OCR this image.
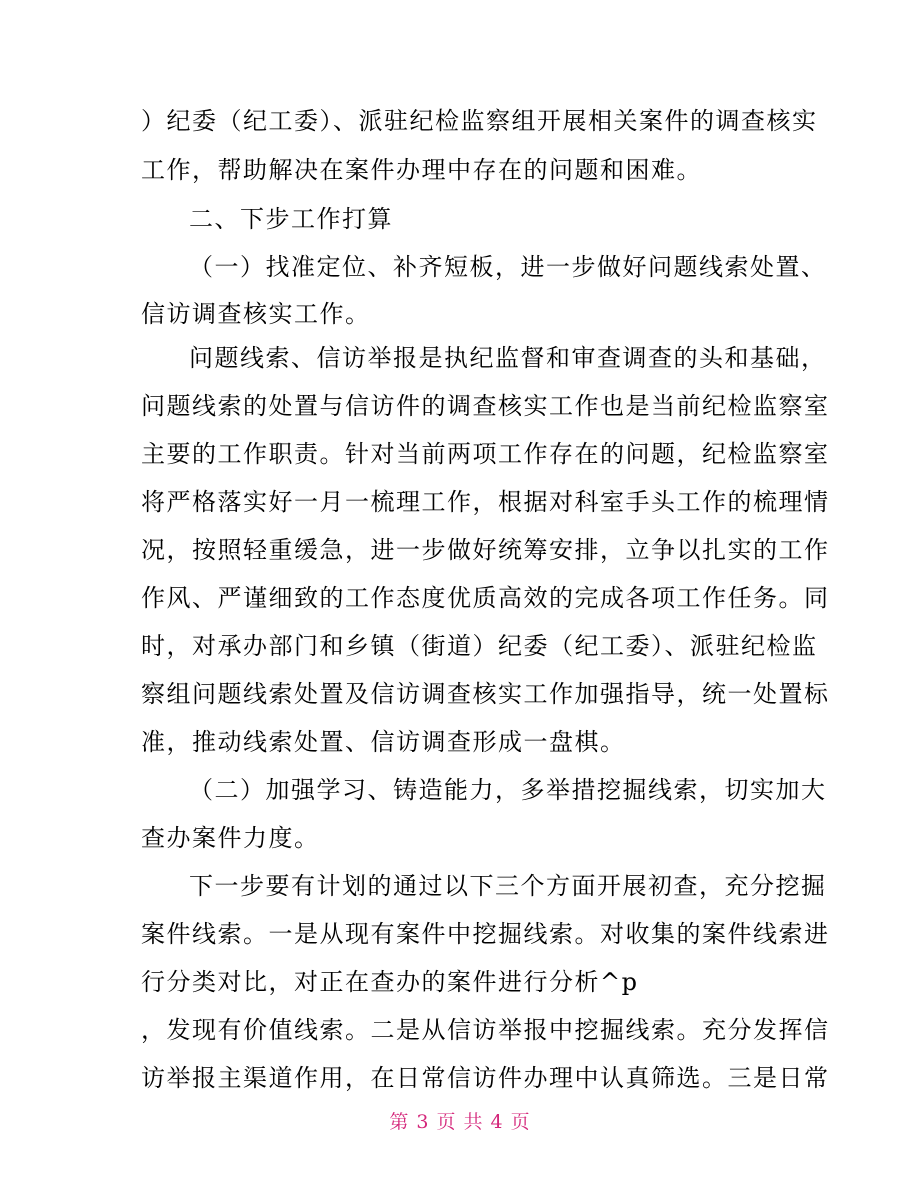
）纪委（纪工委）、派驻纪检监察组开展相关案件的调查核实
工作，帮助解决在案件办理中存在的问题和困难。
二、下步工作打算
（一）找准定位、补齐短板，进一步做好问题线索处置、
信访调查核实工作。
问题线索、信访举报是执纪监督和审查调查的头和基础，
问题线索的处置与信访件的调查核实工作也是当前纪检监察室
主要的工作职责。针对当前两项工作存在的问题，纪检监察室
将严格落实好一月一梳理工作，根据对科室手头工作的梳理情
况，按照轻重缓急，进一步做好统筹安排，立争以扎实的工作
作风、严谨细致的工作态度优质高效的完成各项工作任务。同
时，对承办部门和乡镇（街道）纪委（纪工委）、派驻纪检监
察组问题线索处置及信访调查核实工作加强指导，统一处置标
准，推动线索处置、信访调查形成一盘棋。
（二）加强学习、铸造能力，多举措挖掘线索，切实加大
查办案件力度。
下一步要有计划的通过以下三个方面开展初查，充分挖掘
案件线索。一是从现有案件中挖掘线索。对收集的案件线索进
行分类对比，对正在查办的案件进行分析^p
，发现有价值线索。二是从信访举报中挖掘线索。充分发挥信
访举报主渠道作用，在日常信访件办理中认真筛选。三是日常
第 3 页 共 4 页
